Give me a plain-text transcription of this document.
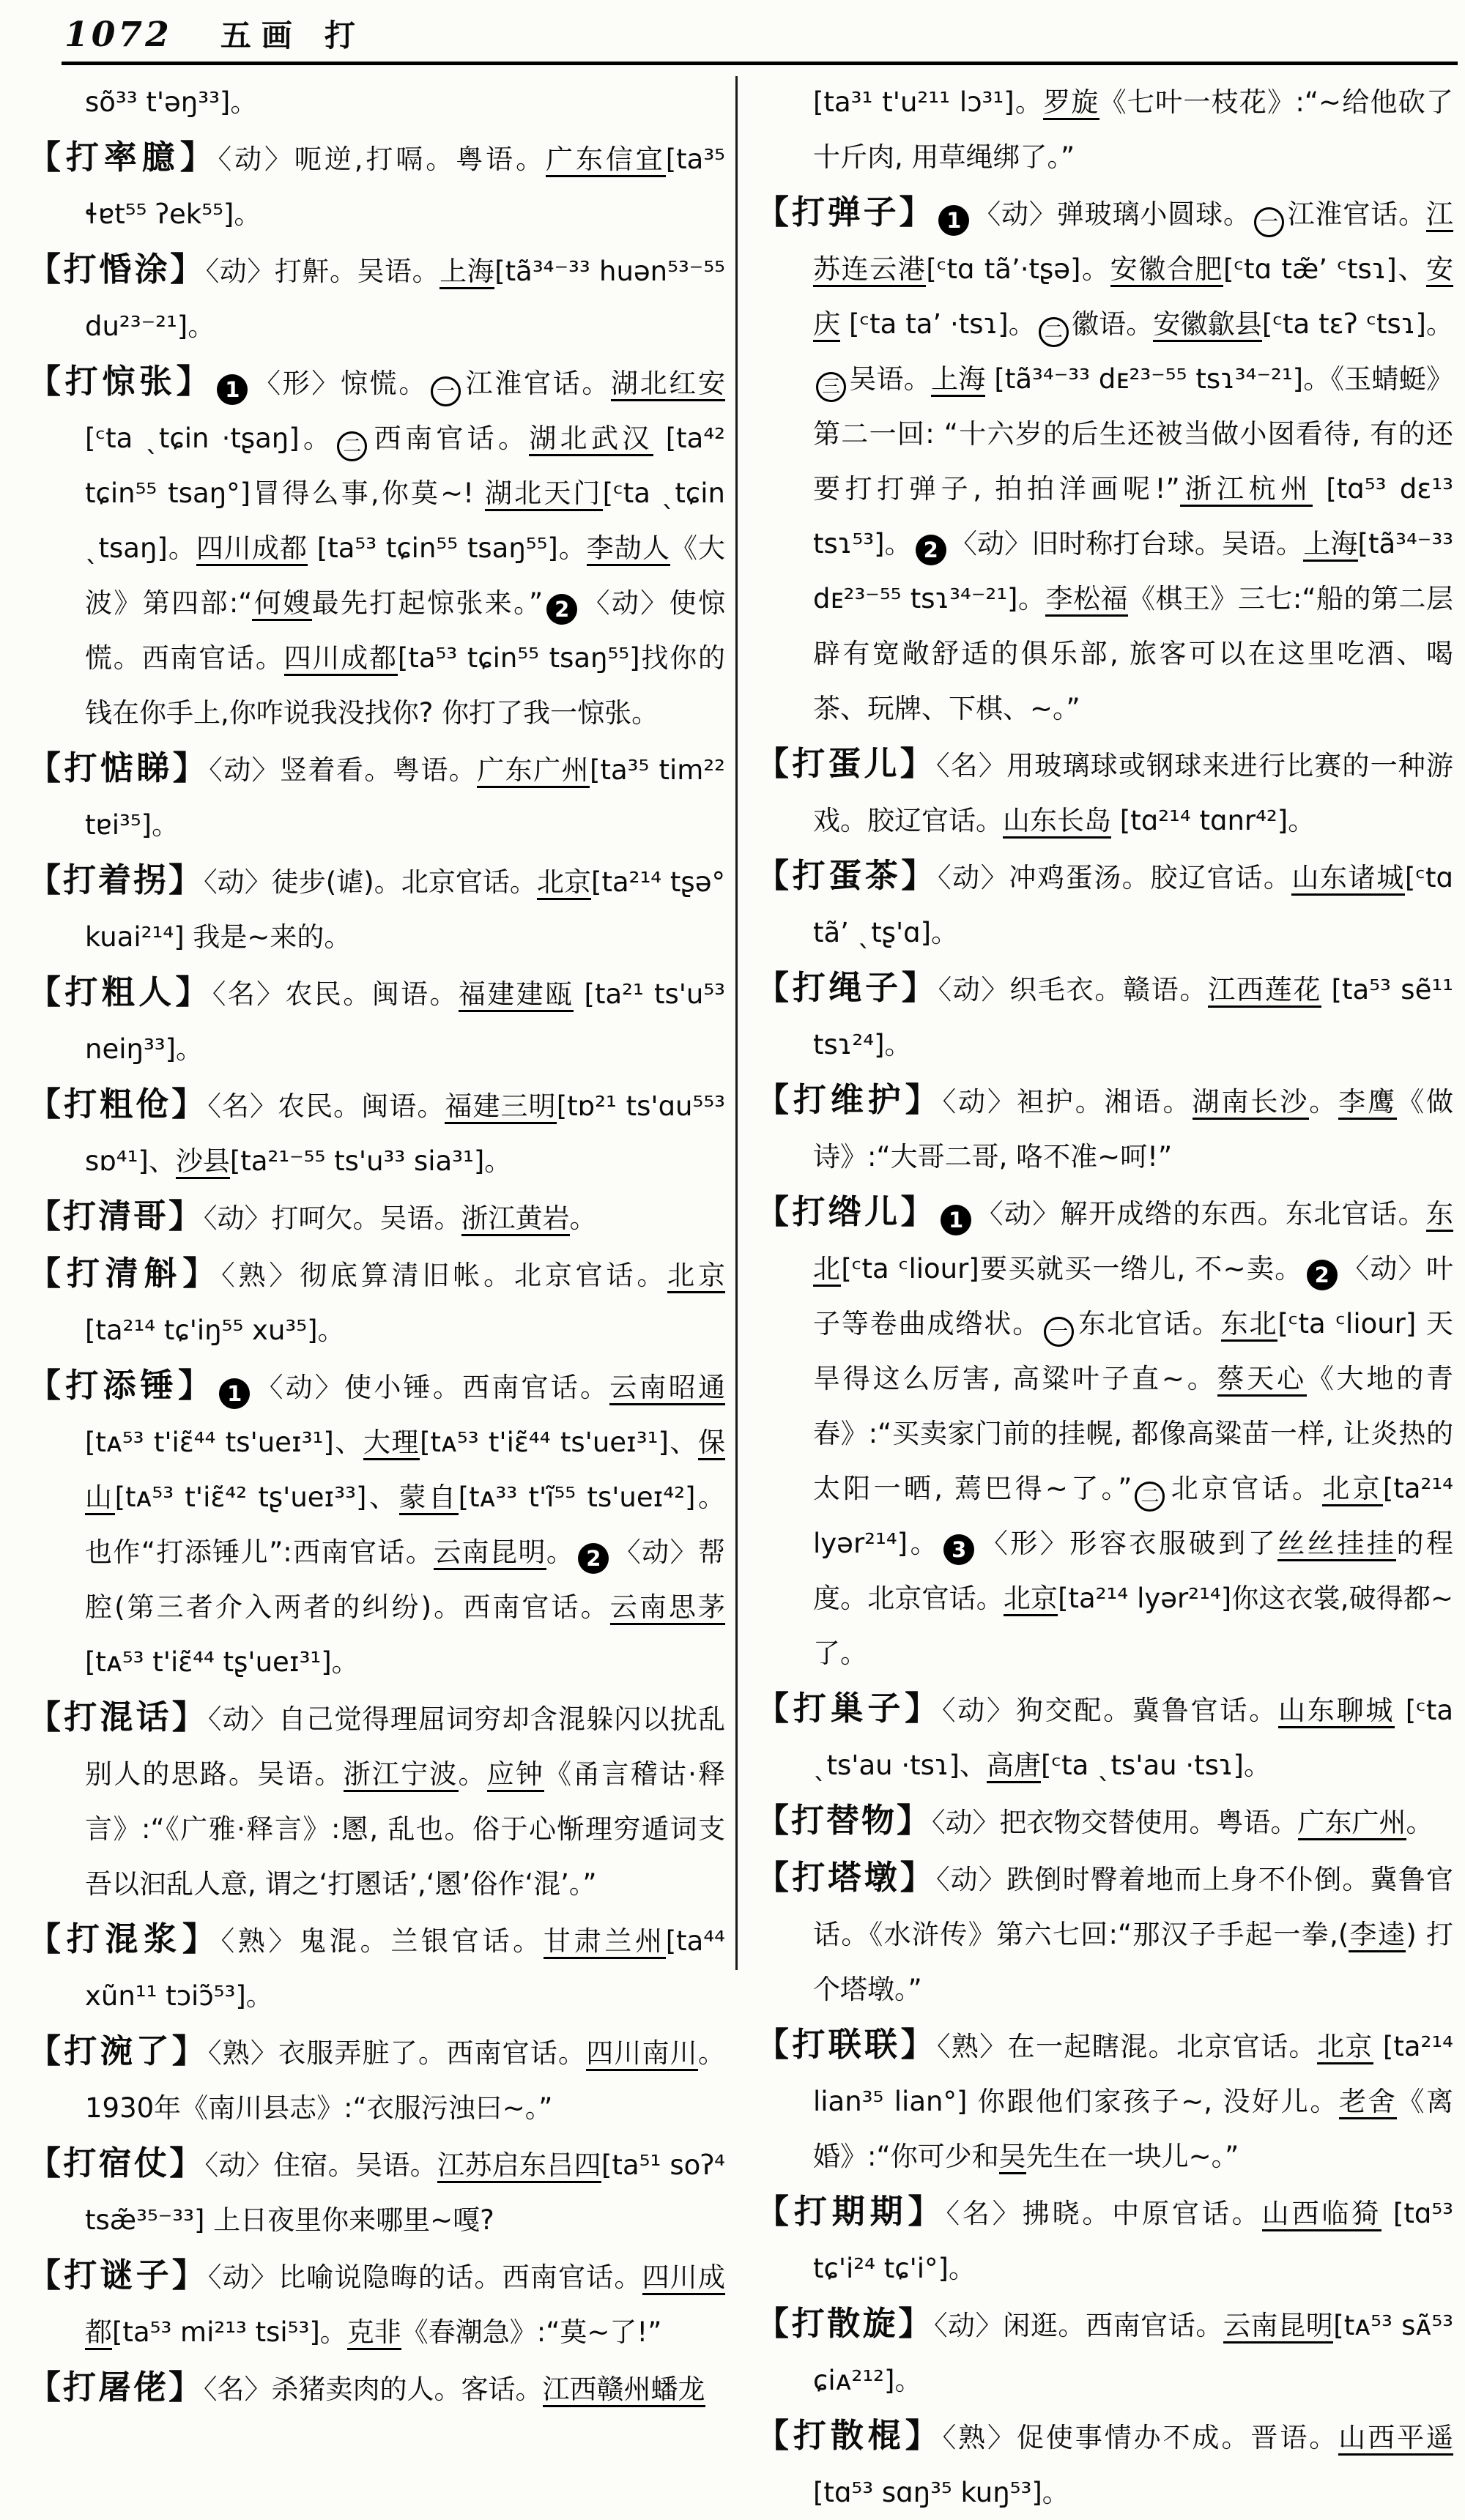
1072 五画 打
sõ³³ t'əŋ³³]。
【打率臆】〈动〉呃逆,打嗝。粤语。广东信宜[ta³⁵ ɬɐt⁵⁵ ʔek⁵⁵]。
【打惛涂】〈动〉打鼾。吴语。上海[tã³⁴⁻³³ huən⁵³⁻⁵⁵ du²³⁻²¹]。
【打惊张】 1 〈形〉惊慌。 一 江淮官话。湖北红安[ᶜta ˎtɕin ·tʂaŋ]。 二 西南官话。湖北武汉 [ta⁴² tɕin⁵⁵ tsaŋ°]冒得么事,你莫~! 湖北天门[ᶜta ˎtɕin ˎtsaŋ]。四川成都 [ta⁵³ tɕin⁵⁵ tsaŋ⁵⁵]。李劼人《大波》第四部:“何嫂最先打起惊张来。” 2 〈动〉使惊慌。西南官话。四川成都[ta⁵³ tɕin⁵⁵ tsaŋ⁵⁵]找你的钱在你手上,你咋说我没找你? 你打了我一惊张。
【打惦睇】〈动〉竖着看。粤语。广东广州[ta³⁵ tim²² tɐi³⁵]。
【打着拐】〈动〉徒步(谑)。北京官话。北京[ta²¹⁴ tʂə° kuai²¹⁴] 我是~来的。
【打粗人】〈名〉农民。闽语。福建建瓯 [ta²¹ ts'u⁵³ neiŋ³³]。
【打粗伧】〈名〉农民。闽语。福建三明[tɒ²¹ ts'ɑu⁵⁵³ sɒ⁴¹]、沙县[ta²¹⁻⁵⁵ ts'u³³ sia³¹]。
【打清哥】〈动〉打呵欠。吴语。浙江黄岩。
【打清斛】〈熟〉彻底算清旧帐。北京官话。北京 [ta²¹⁴ tɕ'iŋ⁵⁵ xu³⁵]。
【打添锤】 1 〈动〉使小锤。西南官话。云南昭通 [tᴀ⁵³ t'iɛ̃⁴⁴ ts'ueɪ³¹]、大理[tᴀ⁵³ t'iɛ̃⁴⁴ ts'ueɪ³¹]、保山[tᴀ⁵³ t'iɛ̃⁴² tʂ'ueɪ³³]、蒙自[tᴀ³³ t'ĩ⁵⁵ ts'ueɪ⁴²]。也作“打添锤儿”:西南官话。云南昆明。 2 〈动〉帮腔(第三者介入两者的纠纷)。西南官话。云南思茅 [tᴀ⁵³ t'iɛ̃⁴⁴ tʂ'ueɪ³¹]。
【打混话】〈动〉自己觉得理屈词穷却含混躲闪以扰乱别人的思路。吴语。浙江宁波。应钟《甬言稽诂·释言》:“《广雅·释言》:慁, 乱也。俗于心惭理穷遁词支吾以汩乱人意, 谓之‘打慁话’,‘慁’俗作‘混’。”
【打混浆】〈熟〉鬼混。兰银官话。甘肃兰州[ta⁴⁴ xũn¹¹ tɔiɔ̃⁵³]。
【打涴了】〈熟〉衣服弄脏了。西南官话。四川南川。1930年《南川县志》:“衣服污浊曰~。”
【打宿仗】〈动〉住宿。吴语。江苏启东吕四[ta⁵¹ soʔ⁴ tsæ̃³⁵⁻³³] 上日夜里你来哪里~嘎?
【打谜子】〈动〉比喻说隐晦的话。西南官话。四川成都[ta⁵³ mi²¹³ tsi⁵³]。克非《春潮急》:“莫~了!”
【打屠佬】〈名〉杀猪卖肉的人。客话。江西赣州蟠龙
[ta³¹ t'u²¹¹ lɔ³¹]。罗旋《七叶一枝花》:“~给他砍了十斤肉, 用草绳绑了。”
【打弹子】 1 〈动〉弹玻璃小圆球。 一 江淮官话。江苏连云港[ᶜtɑ tãʼ·tʂə]。安徽合肥[ᶜtɑ tæ̃ʼ ᶜtsɿ]、安庆 [ᶜta taʼ ·tsɿ]。 二 徽语。安徽歙县[ᶜta tɛʔ ᶜtsɿ]。三 吴语。上海 [tã³⁴⁻³³ dᴇ²³⁻⁵⁵ tsɿ³⁴⁻²¹]。《玉蜻蜓》第二一回: “十六岁的后生还被当做小囡看待, 有的还要打打弹子, 拍拍洋画呢!”浙江杭州 [tɑ⁵³ dɛ¹³ tsɿ⁵³]。 2 〈动〉旧时称打台球。吴语。上海[tã³⁴⁻³³ dᴇ²³⁻⁵⁵ tsɿ³⁴⁻²¹]。李松福《棋王》三七:“船的第二层辟有宽敞舒适的俱乐部, 旅客可以在这里吃酒、喝茶、玩牌、下棋、~。”
【打蛋儿】〈名〉用玻璃球或钢球来进行比赛的一种游戏。胶辽官话。山东长岛 [tɑ²¹⁴ tɑnr⁴²]。
【打蛋茶】〈动〉冲鸡蛋汤。胶辽官话。山东诸城[ᶜtɑ tãʼ ˎtʂ'ɑ]。
【打绳子】〈动〉织毛衣。赣语。江西莲花 [ta⁵³ sẽ¹¹ tsɿ²⁴]。
【打维护】〈动〉袒护。湘语。湖南长沙。李鹰《做诗》:“大哥二哥, 咯不准~呵!”
【打绺儿】 1 〈动〉解开成绺的东西。东北官话。东北[ᶜta ᶜliour]要买就买一绺儿, 不~卖。 2 〈动〉叶子等卷曲成绺状。 一 东北官话。东北[ᶜta ᶜliour] 天旱得这么厉害, 高粱叶子直~。蔡天心《大地的青春》:“买卖家门前的挂幌, 都像高粱苗一样, 让炎热的太阳一晒, 蔫巴得~了。” 二 北京官话。北京[ta²¹⁴ lyər²¹⁴]。 3 〈形〉形容衣服破到了丝丝挂挂的程度。北京官话。北京[ta²¹⁴ lyər²¹⁴]你这衣裳,破得都~了。
【打巢子】〈动〉狗交配。冀鲁官话。山东聊城 [ᶜta ˎts'au ·tsɿ]、高唐[ᶜta ˎts'au ·tsɿ]。
【打替物】〈动〉把衣物交替使用。粤语。广东广州。
【打塔墩】〈动〉跌倒时臀着地而上身不仆倒。冀鲁官话。《水浒传》第六七回:“那汉子手起一拳,(李逵) 打个塔墩。”
【打联联】〈熟〉在一起瞎混。北京官话。北京 [ta²¹⁴ lian³⁵ lian°] 你跟他们家孩子~, 没好儿。老舍《离婚》:“你可少和吴先生在一块儿~。”
【打期期】〈名〉拂晓。中原官话。山西临猗 [tɑ⁵³ tɕ'i²⁴ tɕ'i°]。
【打散旋】〈动〉闲逛。西南官话。云南昆明[tᴀ⁵³ sᴀ̃⁵³ ɕiᴀ²¹²]。
【打散棍】〈熟〉促使事情办不成。晋语。山西平遥[tɑ⁵³ sɑŋ³⁵ kuŋ⁵³]。
